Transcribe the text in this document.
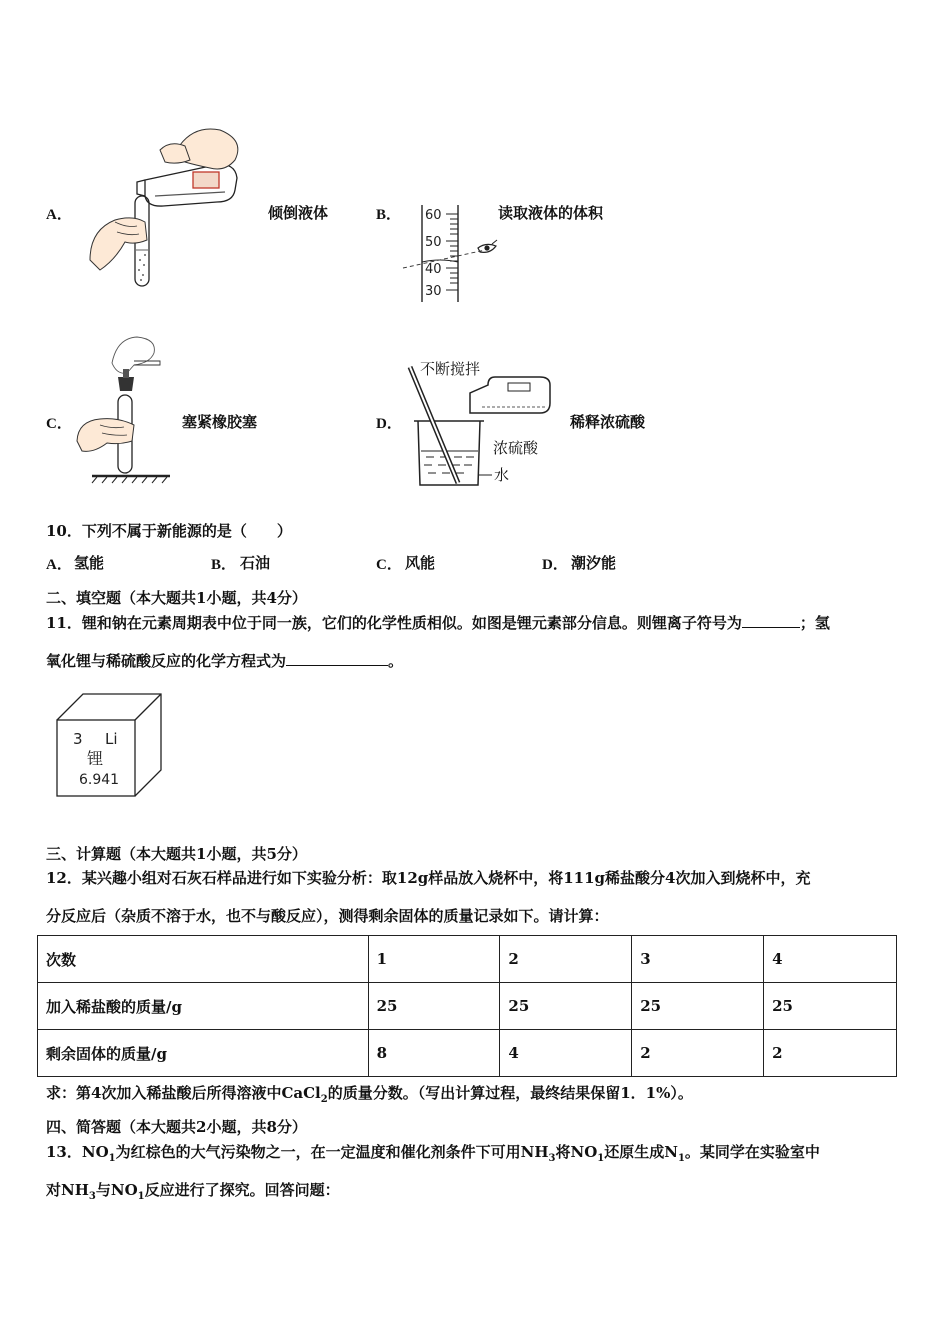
A．	倾倒液体	B． 60
50
40
30
读取液体的体积
C．	塞紧橡胶塞	D．
不断搅拌
浓硫酸
水
稀释浓硫酸
10．下列不属于新能源的是（　　）
A． 氢能	B． 石油	C． 风能	D． 潮汐能
二、填空题（本大题共1小题，共4分）
11．锂和钠在元素周期表中位于同一族，它们的化学性质相似。如图是锂元素部分信息。则锂离子符号为	；氢
氧化锂与稀硫酸反应的化学方程式为	。
3 Li
锂
6.941
三、计算题（本大题共1小题，共5分）
12．某兴趣小组对石灰石样品进行如下实验分析：取12g样品放入烧杯中，将111g稀盐酸分4次加入到烧杯中，充
分反应后（杂质不溶于水，也不与酸反应），测得剩余固体的质量记录如下。请计算：
次数	1	2	3	4
加入稀盐酸的质量/g	25	25	25	25
剩余固体的质量/g	8	4	2	2
求：第4次加入稀盐酸后所得溶液中CaCl$_2$的质量分数。（写出计算过程，最终结果保留1．1%）。
四、简答题（本大题共2小题，共8分）
13．$NO_1$为红棕色的大气污染物之一，在一定温度和催化剂条件下可用$NH_3$将$NO_1$还原生成$N_1$。某同学在实验室中
对$NH_3$与$NO_1$反应进行了探究。回答问题：
